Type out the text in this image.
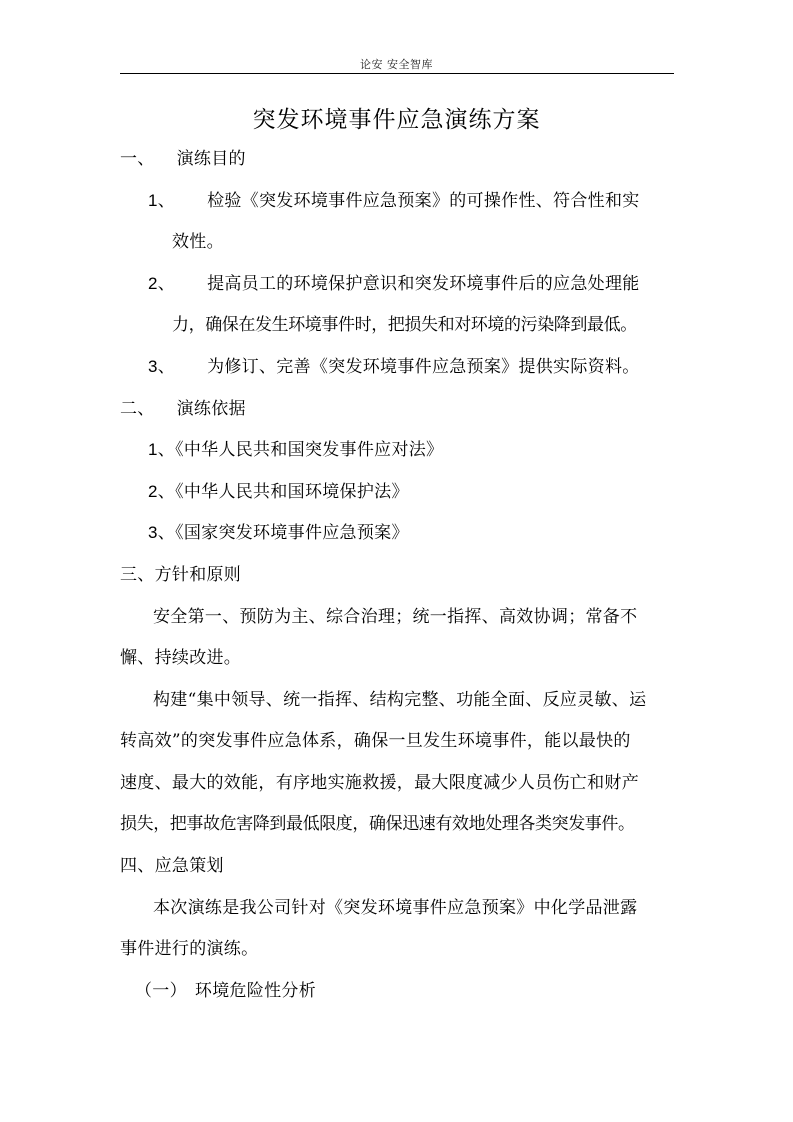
论安 安全智库
突发环境事件应急演练方案
一、 演练目的
1、 检验《突发环境事件应急预案》的可操作性、符合性和实
效性。
2、 提高员工的环境保护意识和突发环境事件后的应急处理能
力，确保在发生环境事件时，把损失和对环境的污染降到最低。
3、 为修订、完善《突发环境事件应急预案》提供实际资料。
二、 演练依据
1、《中华人民共和国突发事件应对法》
2、《中华人民共和国环境保护法》
3、《国家突发环境事件应急预案》
三、方针和原则
安全第一、预防为主、综合治理；统一指挥、高效协调；常备不
懈、持续改进。
构建“集中领导、统一指挥、结构完整、功能全面、反应灵敏、运
转高效”的突发事件应急体系，确保一旦发生环境事件，能以最快的
速度、最大的效能，有序地实施救援，最大限度减少人员伤亡和财产
损失，把事故危害降到最低限度，确保迅速有效地处理各类突发事件。
四、应急策划
本次演练是我公司针对《突发环境事件应急预案》中化学品泄露
事件进行的演练。
（一） 环境危险性分析
